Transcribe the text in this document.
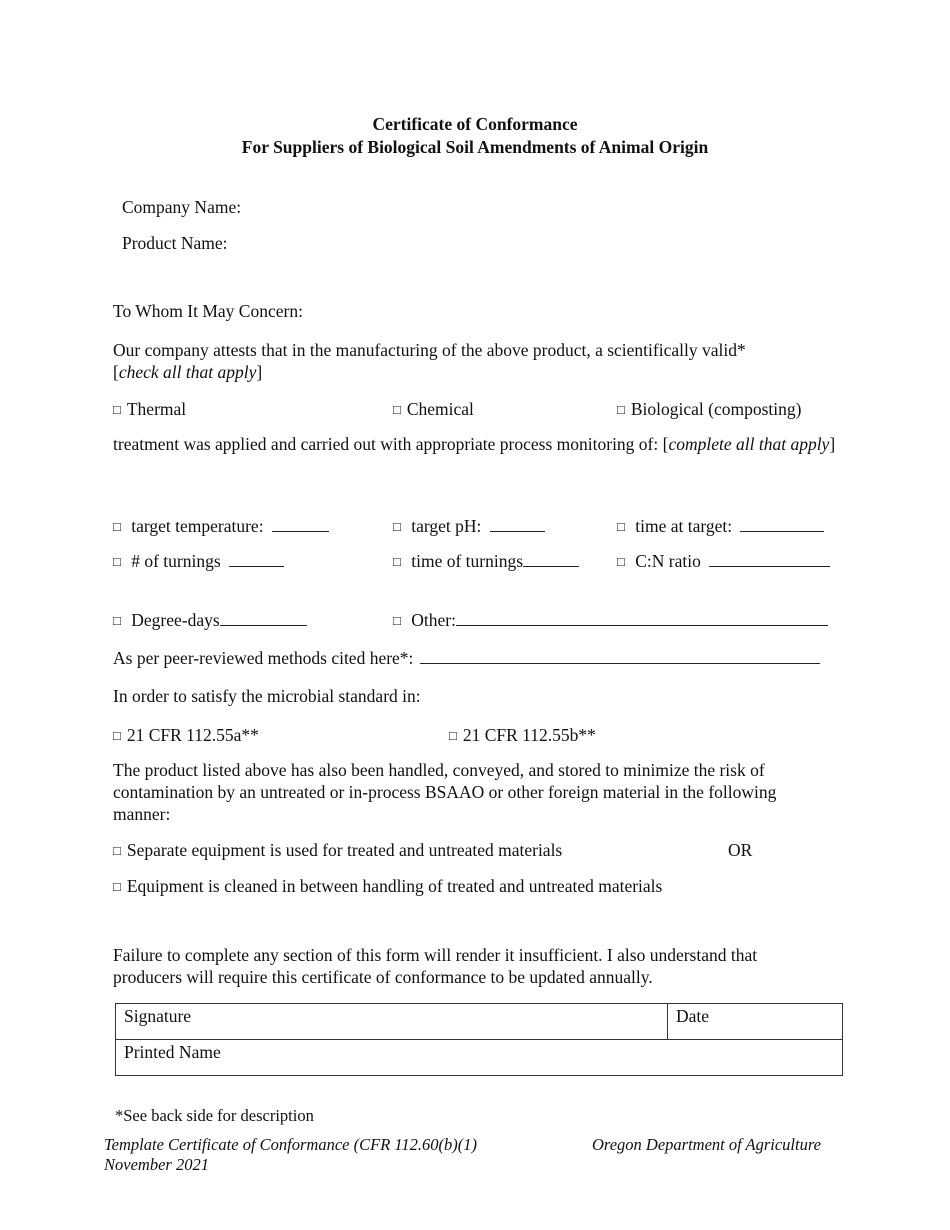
Certificate of Conformance
For Suppliers of Biological Soil Amendments of Animal Origin
Company Name:
Product Name:
To Whom It May Concern:
Our company attests that in the manufacturing of the above product, a scientifically valid*
[check all that apply]
□ Thermal	□ Chemical	□ Biological (composting)
treatment was applied and carried out with appropriate process monitoring of: [complete all that apply]
□ target temperature:	□ target pH:	□ time at target:
□ # of turnings	□ time of turnings	□ C:N ratio
□ Degree-days	□ Other:
As per peer-reviewed methods cited here*:
In order to satisfy the microbial standard in:
□ 21 CFR 112.55a**	□ 21 CFR 112.55b**
The product listed above has also been handled, conveyed, and stored to minimize the risk of contamination by an untreated or in-process BSAAO or other foreign material in the following manner:
□ Separate equipment is used for treated and untreated materials	OR
□ Equipment is cleaned in between handling of treated and untreated materials
Failure to complete any section of this form will render it insufficient. I also understand that producers will require this certificate of conformance to be updated annually.
Signature	Date
Printed Name
*See back side for description
Template Certificate of Conformance (CFR 112.60(b)(1)
November 2021
Oregon Department of Agriculture
